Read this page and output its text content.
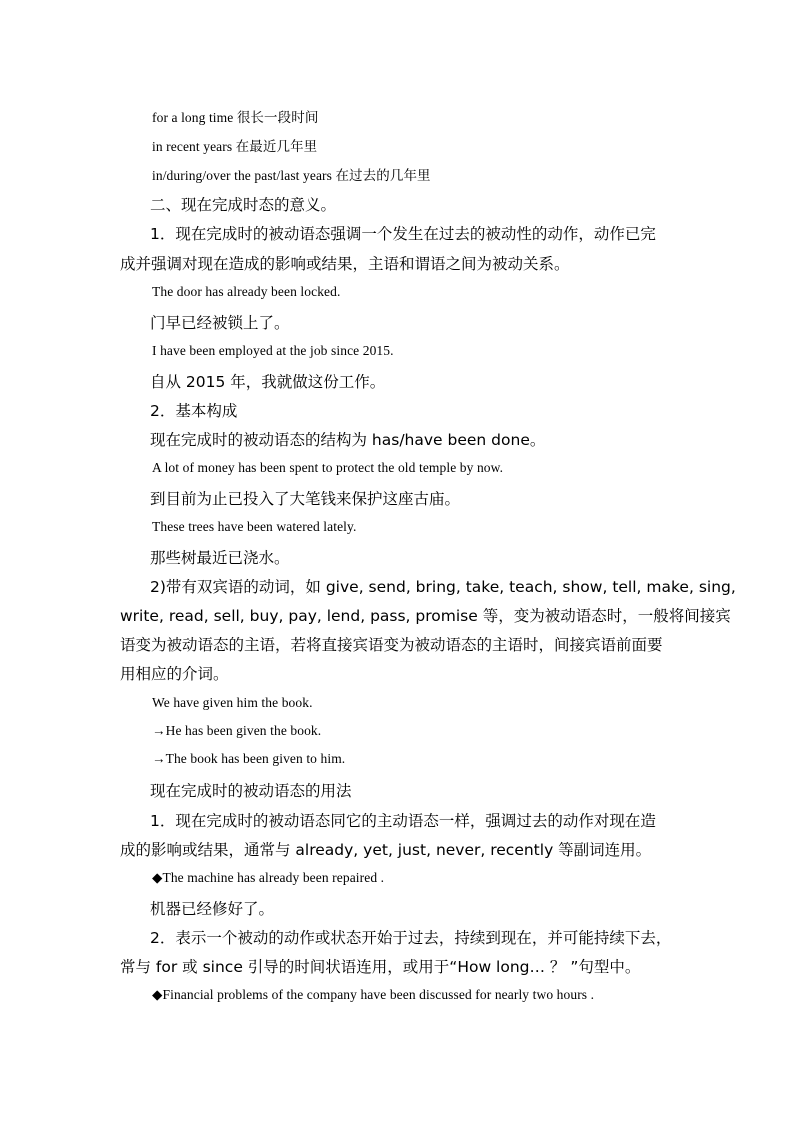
for a long time 很长一段时间
in recent years 在最近几年里
in/during/over the past/last years 在过去的几年里
二、现在完成时态的意义。
1．现在完成时的被动语态强调一个发生在过去的被动性的动作，动作已完
成并强调对现在造成的影响或结果，主语和谓语之间为被动关系。
The door has already been locked.
门早已经被锁上了。
I have been employed at the job since 2015.
自从 2015 年，我就做这份工作。
2．基本构成
现在完成时的被动语态的结构为 has/have been done。
A lot of money has been spent to protect the old temple by now.
到目前为止已投入了大笔钱来保护这座古庙。
These trees have been watered lately.
那些树最近已浇水。
2)带有双宾语的动词，如 give, send, bring, take, teach, show, tell, make, sing,
write, read, sell, buy, pay, lend, pass, promise 等，变为被动语态时，一般将间接宾
语变为被动语态的主语，若将直接宾语变为被动语态的主语时，间接宾语前面要
用相应的介词。
We have given him the book.
→He has been given the book.
→The book has been given to him.
现在完成时的被动语态的用法
1．现在完成时的被动语态同它的主动语态一样，强调过去的动作对现在造
成的影响或结果，通常与 already, yet, just, never, recently 等副词连用。
◆The machine has already been repaired .
机器已经修好了。
2．表示一个被动的动作或状态开始于过去，持续到现在，并可能持续下去，
常与 for 或 since 引导的时间状语连用，或用于“How long… ？ ”句型中。
◆Financial problems of the company have been discussed for nearly two hours .
